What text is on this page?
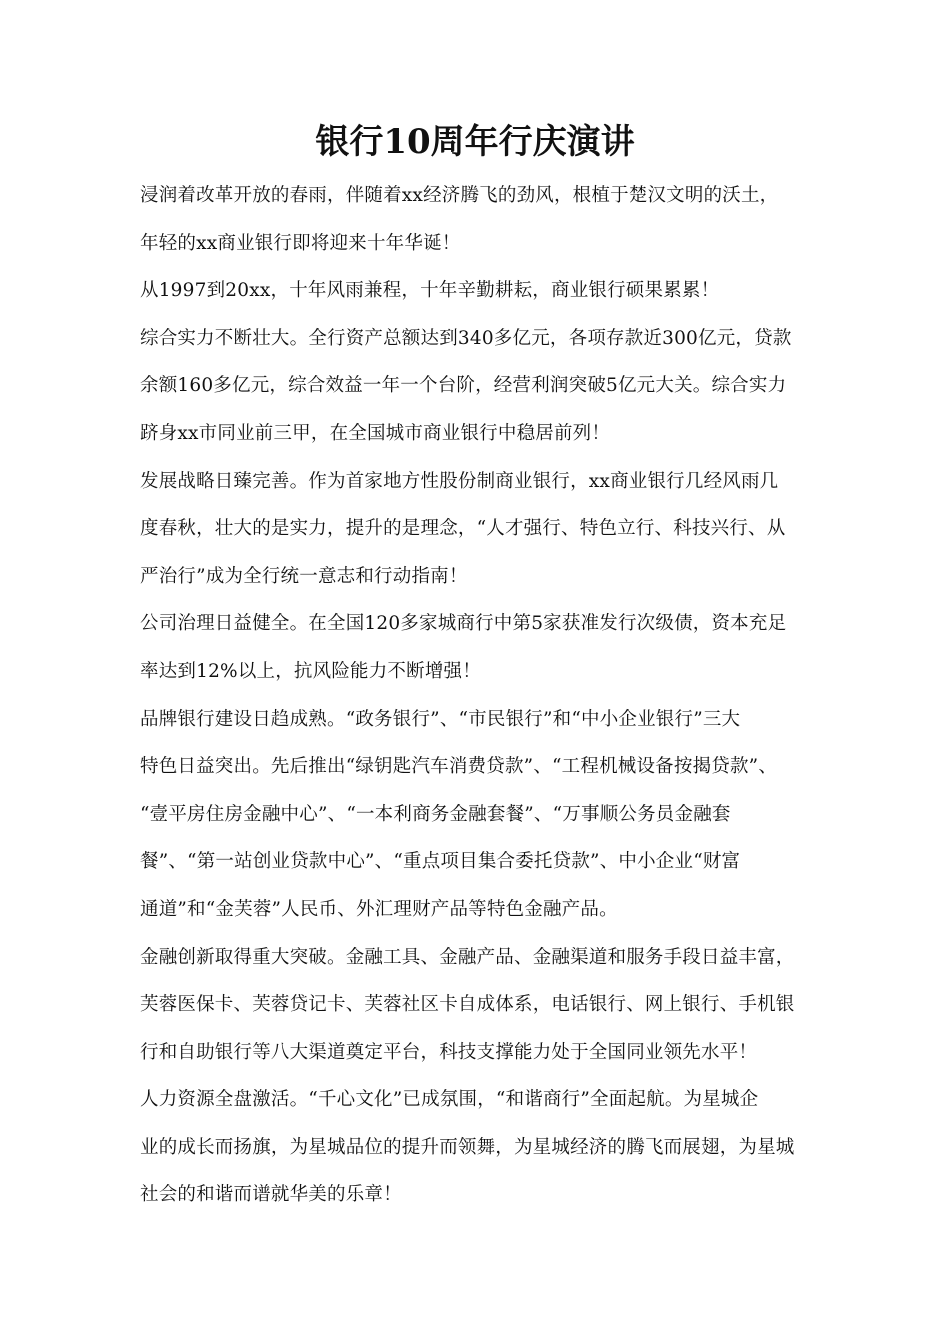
银行10周年行庆演讲
浸润着改革开放的春雨，伴随着xx经济腾飞的劲风，根植于楚汉文明的沃土，
年轻的xx商业银行即将迎来十年华诞！
从1997到20xx，十年风雨兼程，十年辛勤耕耘，商业银行硕果累累！
综合实力不断壮大。全行资产总额达到340多亿元，各项存款近300亿元，贷款
余额160多亿元，综合效益一年一个台阶，经营利润突破5亿元大关。综合实力
跻身xx市同业前三甲，在全国城市商业银行中稳居前列！
发展战略日臻完善。作为首家地方性股份制商业银行，xx商业银行几经风雨几
度春秋，壮大的是实力，提升的是理念，“人才强行、特色立行、科技兴行、从
严治行”成为全行统一意志和行动指南！
公司治理日益健全。在全国120多家城商行中第5家获准发行次级债，资本充足
率达到12%以上，抗风险能力不断增强！
品牌银行建设日趋成熟。“政务银行”、“市民银行”和“中小企业银行”三大
特色日益突出。先后推出“绿钥匙汽车消费贷款”、“工程机械设备按揭贷款”、
“壹平房住房金融中心”、“一本利商务金融套餐”、“万事顺公务员金融套
餐”、“第一站创业贷款中心”、“重点项目集合委托贷款”、中小企业“财富
通道”和“金芙蓉”人民币、外汇理财产品等特色金融产品。
金融创新取得重大突破。金融工具、金融产品、金融渠道和服务手段日益丰富，
芙蓉医保卡、芙蓉贷记卡、芙蓉社区卡自成体系，电话银行、网上银行、手机银
行和自助银行等八大渠道奠定平台，科技支撑能力处于全国同业领先水平！
人力资源全盘激活。“千心文化”已成氛围，“和谐商行”全面起航。为星城企
业的成长而扬旗，为星城品位的提升而领舞，为星城经济的腾飞而展翅，为星城
社会的和谐而谱就华美的乐章！
